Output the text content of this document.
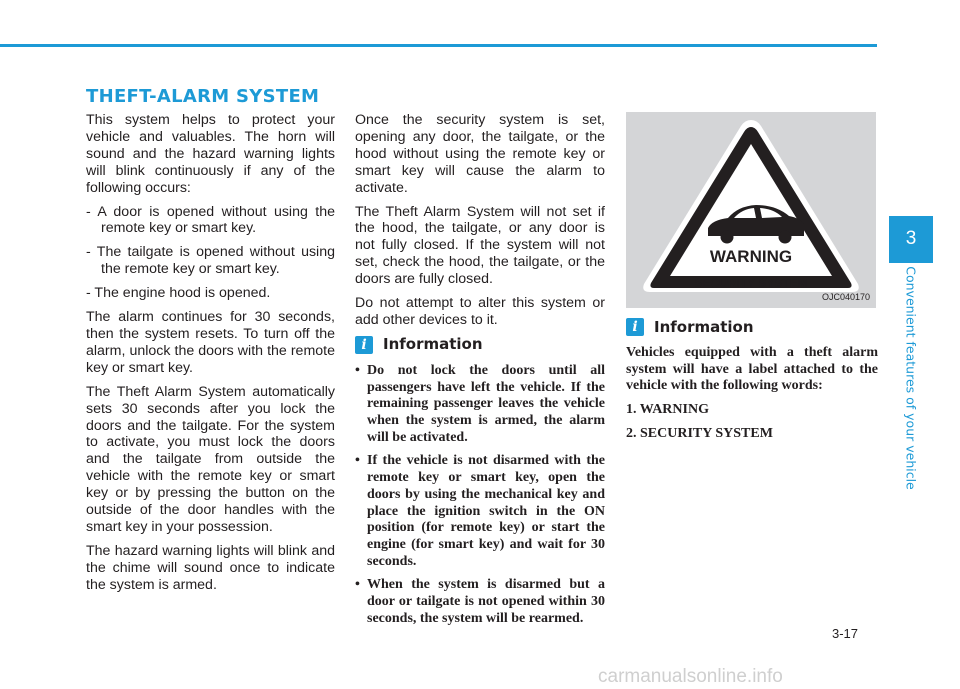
THEFT-ALARM SYSTEM

This system helps to protect your vehicle and valuables. The horn will sound and the hazard warning lights will blink continuously if any of the following occurs:

- A door is opened without using the remote key or smart key.

- The tailgate is opened without using the remote key or smart key.

- The engine hood is opened.

The alarm continues for 30 seconds, then the system resets. To turn off the alarm, unlock the doors with the remote key or smart key.

The Theft Alarm System automatically sets 30 seconds after you lock the doors and the tailgate. For the system to activate, you must lock the doors and the tailgate from outside the vehicle with the remote key or smart key or by pressing the button on the outside of the door handles with the smart key in your possession.

The hazard warning lights will blink and the chime will sound once to indicate the system is armed.

Once the security system is set, opening any door, the tailgate, or the hood without using the remote key or smart key will cause the alarm to activate.

The Theft Alarm System will not set if the hood, the tailgate, or any door is not fully closed. If the system will not set, check the hood, the tailgate, or the doors are fully closed.

Do not attempt to alter this system or add other devices to it.

i	Information
• Do not lock the doors until all passengers have left the vehicle. If the remaining passenger leaves the vehicle when the system is armed, the alarm will be activated.
• If the vehicle is not disarmed with the remote key or smart key, open the doors by using the mechanical key and place the ignition switch in the ON position (for remote key) or start the engine (for smart key) and wait for 30 seconds.
• When the system is disarmed but a door or tailgate is not opened within 30 seconds, the system will be rearmed.
WARNING
SECURITY SYSTEM
OJC040170
i	Information

Vehicles equipped with a theft alarm system will have a label attached to the vehicle with the following words:

1. WARNING

2. SECURITY SYSTEM

3
Convenient features of your vehicle
3-17
carmanualsonline.info
